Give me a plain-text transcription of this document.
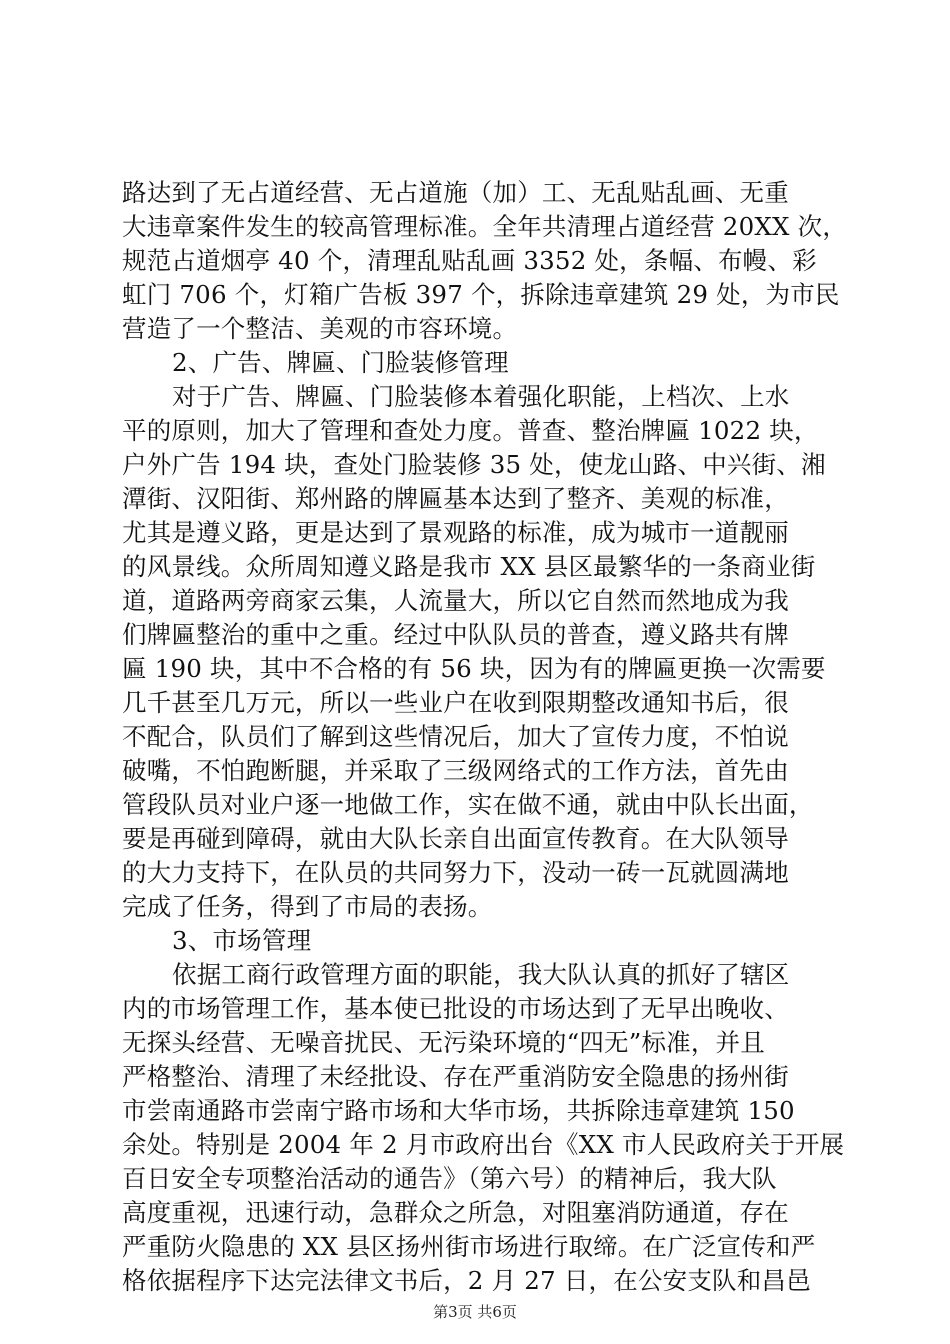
路达到了无占道经营、无占道施（加）工、无乱贴乱画、无重
大违章案件发生的较高管理标准。全年共清理占道经营 20XX 次，
规范占道烟亭 40 个，清理乱贴乱画 3352 处，条幅、布幔、彩
虹门 706 个，灯箱广告板 397 个，拆除违章建筑 29 处，为市民
营造了一个整洁、美观的市容环境。
2、广告、牌匾、门脸装修管理
对于广告、牌匾、门脸装修本着强化职能，上档次、上水
平的原则，加大了管理和查处力度。普查、整治牌匾 1022 块，
户外广告 194 块，查处门脸装修 35 处，使龙山路、中兴街、湘
潭街、汉阳街、郑州路的牌匾基本达到了整齐、美观的标准，
尤其是遵义路，更是达到了景观路的标准，成为城市一道靓丽
的风景线。众所周知遵义路是我市 XX 县区最繁华的一条商业街
道，道路两旁商家云集，人流量大，所以它自然而然地成为我
们牌匾整治的重中之重。经过中队队员的普查，遵义路共有牌
匾 190 块，其中不合格的有 56 块，因为有的牌匾更换一次需要
几千甚至几万元，所以一些业户在收到限期整改通知书后，很
不配合，队员们了解到这些情况后，加大了宣传力度，不怕说
破嘴，不怕跑断腿，并采取了三级网络式的工作方法，首先由
管段队员对业户逐一地做工作，实在做不通，就由中队长出面，
要是再碰到障碍，就由大队长亲自出面宣传教育。在大队领导
的大力支持下，在队员的共同努力下，没动一砖一瓦就圆满地
完成了任务，得到了市局的表扬。
3、市场管理
依据工商行政管理方面的职能，我大队认真的抓好了辖区
内的市场管理工作，基本使已批设的市场达到了无早出晚收、
无探头经营、无噪音扰民、无污染环境的“四无”标准，并且
严格整治、清理了未经批设、存在严重消防安全隐患的扬州街
市尝南通路市尝南宁路市场和大华市场，共拆除违章建筑 150
余处。特别是 2004 年 2 月市政府出台《XX 市人民政府关于开展
百日安全专项整治活动的通告》（第六号）的精神后，我大队
高度重视，迅速行动，急群众之所急，对阻塞消防通道，存在
严重防火隐患的 XX 县区扬州街市场进行取缔。在广泛宣传和严
格依据程序下达完法律文书后，2 月 27 日，在公安支队和昌邑
第3页 共6页
